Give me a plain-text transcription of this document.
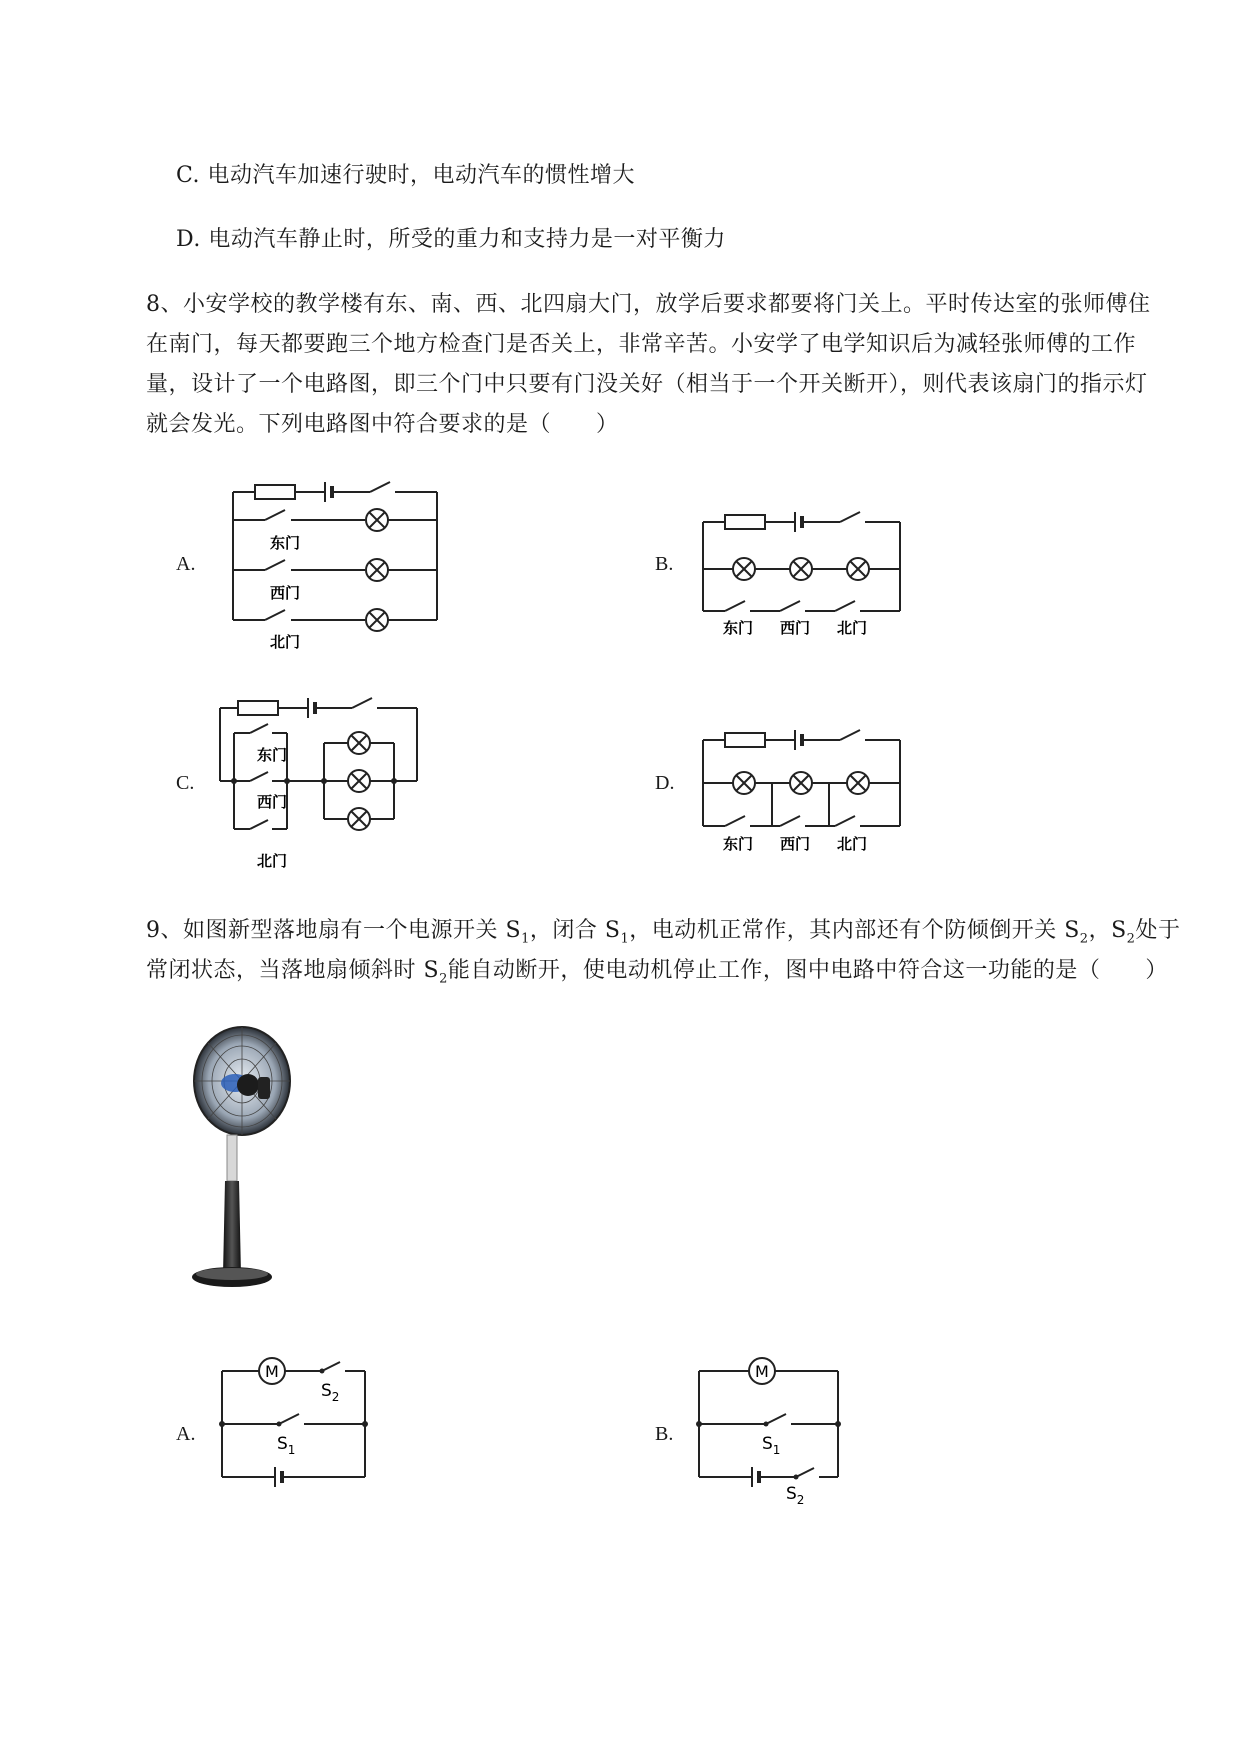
C. 电动汽车加速行驶时，电动汽车的惯性增大
D. 电动汽车静止时，所受的重力和支持力是一对平衡力
8、小安学校的教学楼有东、南、西、北四扇大门，放学后要求都要将门关上。平时传达室的张师傅住
在南门，每天都要跑三个地方检查门是否关上，非常辛苦。小安学了电学知识后为减轻张师傅的工作
量，设计了一个电路图，即三个门中只要有门没关好（相当于一个开关断开），则代表该扇门的指示灯
就会发光。下列电路图中符合要求的是（　　）
A.	B.
C.	D.
东门
西门
北门
东门 西门 北门
东门
西门
北门
东门 西门 北门
9、如图新型落地扇有一个电源开关 $S_1$，闭合 $S_1$，电动机正常作，其内部还有个防倾倒开关 $S_2$，$S_2$处于
常闭状态，当落地扇倾斜时 $S_2$能自动断开，使电动机停止工作，图中电路中符合这一功能的是（　　）
A.	B.
M
$S_2$
$S_1$
M
$S_1$
$S_2$
